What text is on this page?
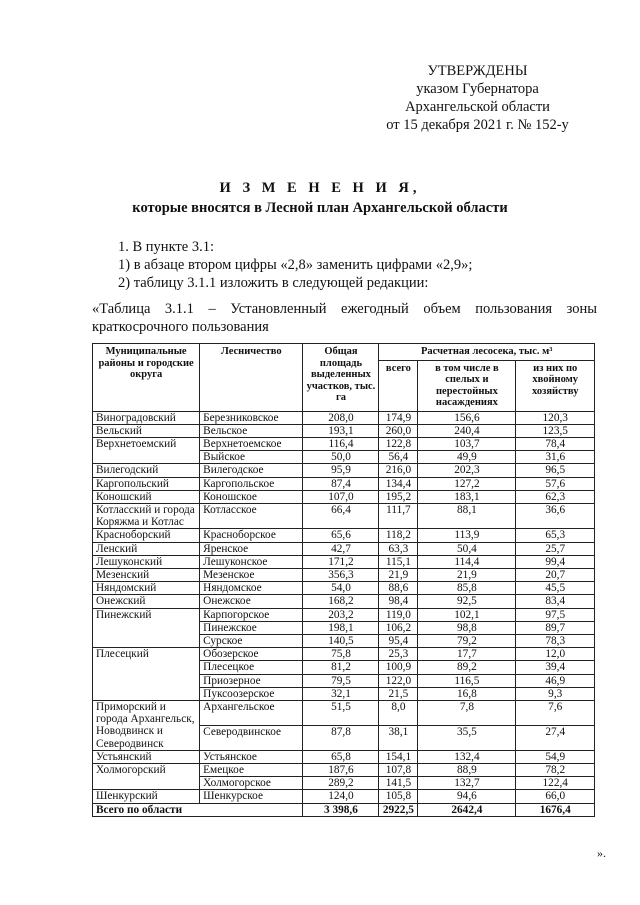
УТВЕРЖДЕНЫ
указом Губернатора
Архангельской области
от 15 декабря 2021 г. № 152-у
И З М Е Н Е Н И Я,
которые вносятся в Лесной план Архангельской области
1. В пункте 3.1:
1) в абзаце втором цифры «2,8» заменить цифрами «2,9»;
2) таблицу 3.1.1 изложить в следующей редакции:
«Таблица 3.1.1 – Установленный ежегодный объем пользования зоны краткосрочного пользования
Муниципальные районы и городские округа	Лесничество	Общая площадь выделенных участков, тыс. га	Расчетная лесосека, тыс. м³		
			всего	в том числе в спелых и перестойных насаждениях	из них по хвойному хозяйству
Виноградовский	Березниковское	208,0	174,9	156,6	120,3
Вельский	Вельское	193,1	260,0	240,4	123,5
Верхнетоемский	Верхнетоемское	116,4	122,8	103,7	78,4
	Выйское	50,0	56,4	49,9	31,6
Вилегодский	Вилегодское	95,9	216,0	202,3	96,5
Каргопольский	Каргопольское	87,4	134,4	127,2	57,6
Коношский	Коношское	107,0	195,2	183,1	62,3
Котласский и города Коряжма и Котлас	Котласское	66,4	111,7	88,1	36,6
Красноборский	Красноборское	65,6	118,2	113,9	65,3
Ленский	Яренское	42,7	63,3	50,4	25,7
Лешуконский	Лешуконское	171,2	115,1	114,4	99,4
Мезенский	Мезенское	356,3	21,9	21,9	20,7
Няндомский	Няндомское	54,0	88,6	85,8	45,5
Онежский	Онежское	168,2	98,4	92,5	83,4
Пинежский	Карпогорское	203,2	119,0	102,1	97,5
	Пинежское	198,1	106,2	98,8	89,7
	Сурское	140,5	95,4	79,2	78,3
Плесецкий	Обозерское	75,8	25,3	17,7	12,0
	Плесецкое	81,2	100,9	89,2	39,4
	Приозерное	79,5	122,0	116,5	46,9
	Пуксоозерское	32,1	21,5	16,8	9,3
Приморский и города Архангельск, Новодвинск и Северодвинск	Архангельское	51,5	8,0	7,8	7,6
	Северодвинское	87,8	38,1	35,5	27,4
Устьянский	Устьянское	65,8	154,1	132,4	54,9
Холмогорский	Емецкое	187,6	107,8	88,9	78,2
	Холмогорское	289,2	141,5	132,7	122,4
Шенкурский	Шенкурское	124,0	105,8	94,6	66,0
Всего по области		3 398,6	2922,5	2642,4	1676,4
».
